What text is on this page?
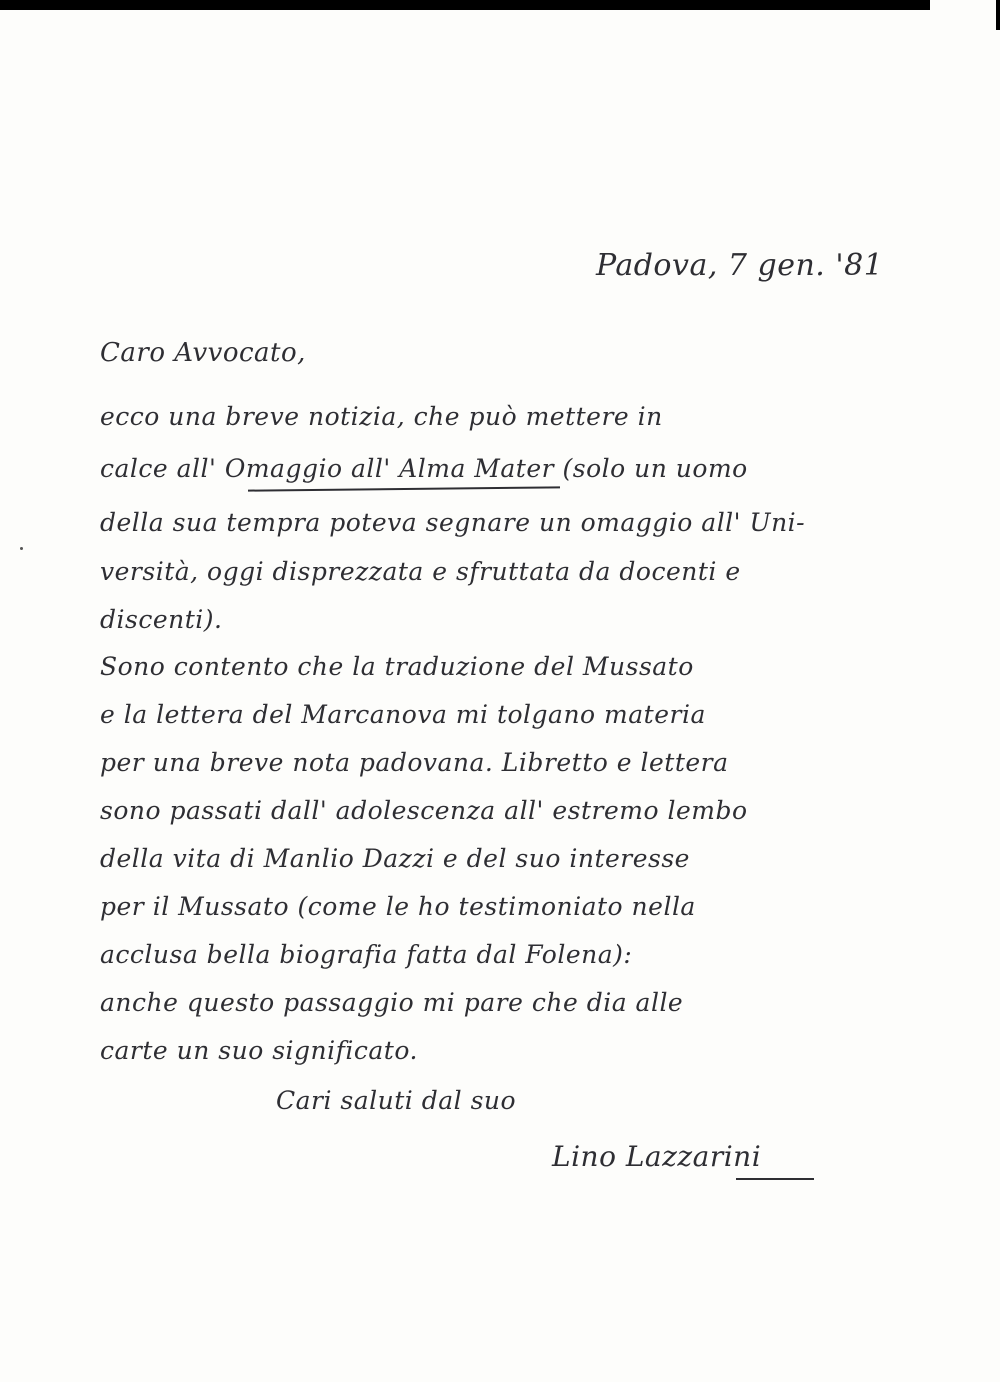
Padova, 7 gen. '81

Caro Avvocato,

ecco una breve notizia, che può mettere in

calce all' Omaggio all' Alma Mater (solo un uomo

della sua tempra poteva segnare un omaggio all' Uni-

versità, oggi disprezzata e sfruttata da docenti e

discenti).

Sono contento che la traduzione del Mussato

e la lettera del Marcanova mi tolgano materia

per una breve nota padovana. Libretto e lettera

sono passati dall' adolescenza all' estremo lembo

della vita di Manlio Dazzi e del suo interesse

per il Mussato (come le ho testimoniato nella

acclusa bella biografia fatta dal Folena):

anche questo passaggio mi pare che dia alle

carte un suo significato.

Cari saluti dal suo

Lino Lazzarini
